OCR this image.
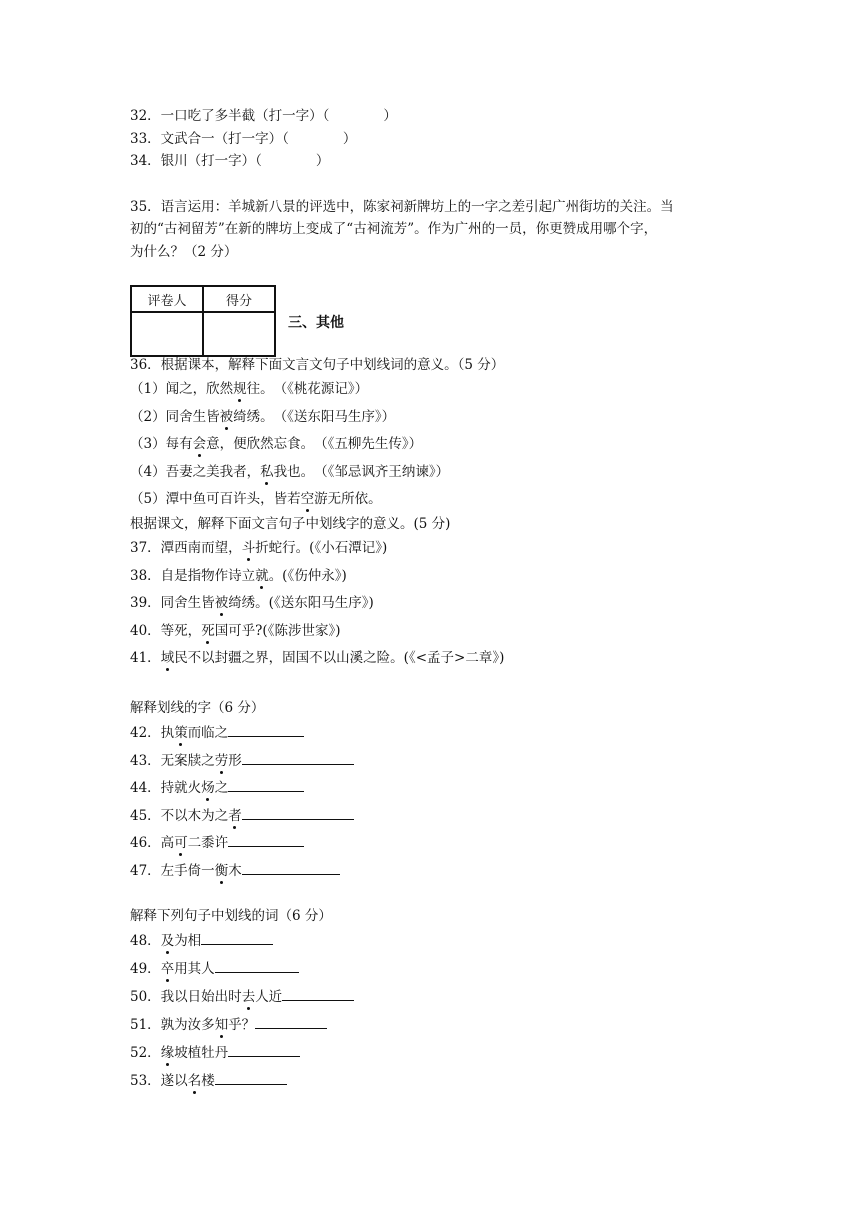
32．一口吃了多半截（打一字）（　　　　）
33．文武合一（打一字）（　　　　）
34．银川（打一字）（　　　　）
35．语言运用：羊城新八景的评选中，陈家祠新牌坊上的一字之差引起广州街坊的关注。当
初的“古祠留芳”在新的牌坊上变成了“古祠流芳”。作为广州的一员，你更赞成用哪个字，
为什么？（2 分）
评卷人	得分

三、其他
36．根据课本，解释下面文言文句子中划线词的意义。（5 分）
（1）闻之，欣然规往。　（《桃花源记》）
（2）同舍生皆被绮绣。　（《送东阳马生序》）
（3）每有会意，便欣然忘食。　（《五柳先生传》）
（4）吾妻之美我者，私我也。　（《邹忌讽齐王纳谏》）
（5）潭中鱼可百许头，皆若空游无所依。
根据课文，解释下面文言句子中划线字的意义。(5 分)
37．潭西南而望，斗折蛇行。(《小石潭记》)
38．自是指物作诗立就。(《伤仲永》)
39．同舍生皆被绮绣。(《送东阳马生序》)
40．等死，死国可乎?(《陈涉世家》)
41．域民不以封疆之界，固国不以山溪之险。(《<孟子>二章》)
解释划线的字（6 分）
42．执策而临之
43．无案牍之劳形
44．持就火炀之
45．不以木为之者
46．高可二黍许
47．左手倚一衡木
解释下列句子中划线的词（6 分）
48．及为相
49．卒用其人
50．我以日始出时去人近
51．孰为汝多知乎？
52．缘坡植牡丹
53．遂以名楼
